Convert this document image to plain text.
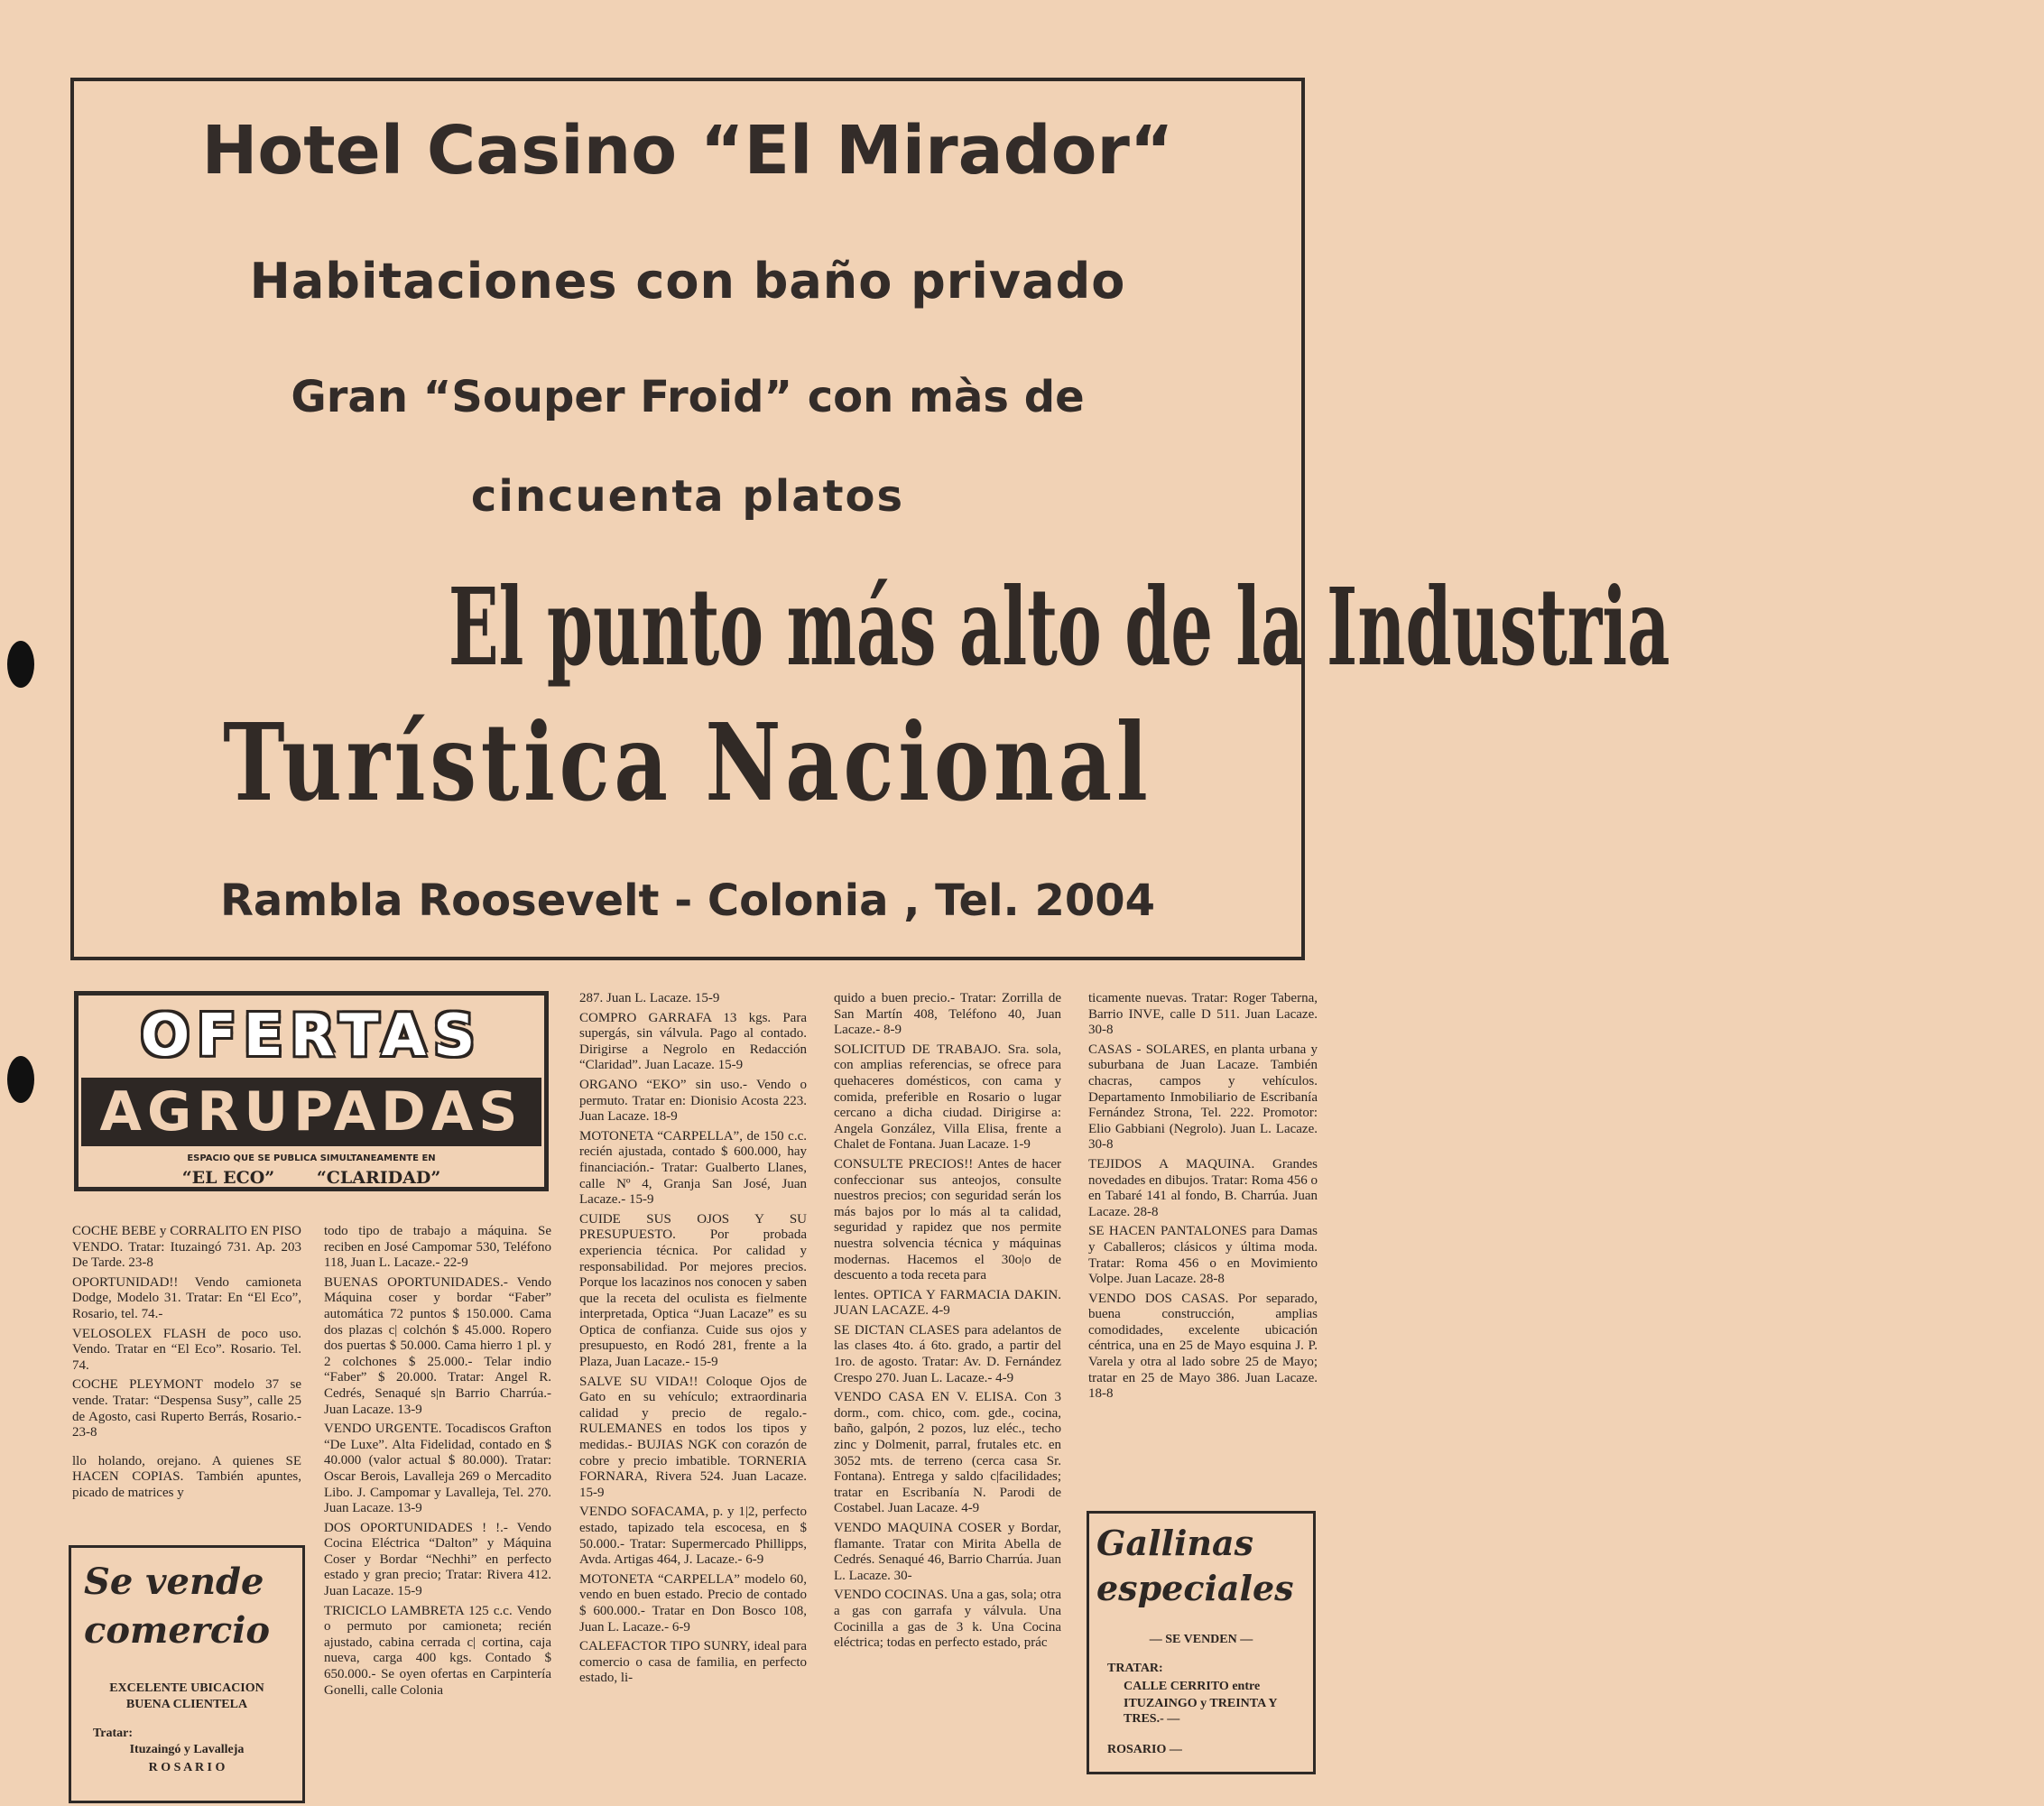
Hotel Casino “El Mirador“
Habitaciones con baño privado
Gran “Souper Froid” con màs de
cincuenta platos
El punto más alto de la Industria
Turística Nacional
Rambla Roosevelt - Colonia , Tel. 2004
OFERTAS
AGRUPADAS
ESPACIO QUE SE PUBLICA SIMULTANEAMENTE EN
“EL ECO” “CLARIDAD”

COCHE BEBE y CORRALITO EN PISO VENDO. Tratar: Ituzaingó 731. Ap. 203 De Tarde. 23-8

OPORTUNIDAD!! Vendo camioneta Dodge, Modelo 31. Tratar: En “El Eco”, Rosario, tel. 74.-

VELOSOLEX FLASH de poco uso. Vendo. Tratar en “El Eco”. Rosario. Tel. 74.

COCHE PLEYMONT modelo 37 se vende. Tratar: “Despensa Susy”, calle 25 de Agosto, casi Ruperto Berrás, Rosario.- 23-8

llo holando, orejano. A quienes SE HACEN COPIAS. También apuntes, picado de matrices y

Se vende
comercio
EXCELENTE UBICACION
BUENA CLIENTELA
Tratar:
Ituzaingó y Lavalleja
R O S A R I O

todo tipo de trabajo a máquina. Se reciben en José Campomar 530, Teléfono 118, Juan L. Lacaze.- 22-9

BUENAS OPORTUNIDADES.- Vendo Máquina coser y bordar “Faber” automática 72 puntos $ 150.000. Cama dos plazas c| colchón $ 45.000. Ropero dos puertas $ 50.000. Cama hierro 1 pl. y 2 colchones $ 25.000.- Telar indio “Faber” $ 20.000. Tratar: Angel R. Cedrés, Senaqué s|n Barrio Charrúa.- Juan Lacaze. 13-9

VENDO URGENTE. Tocadiscos Grafton “De Luxe”. Alta Fidelidad, contado en $ 40.000 (valor actual $ 80.000). Tratar: Oscar Berois, Lavalleja 269 o Mercadito Libo. J. Campomar y Lavalleja, Tel. 270. Juan Lacaze. 13-9

DOS OPORTUNIDADES ! !.- Vendo Cocina Eléctrica “Dalton” y Máquina Coser y Bordar “Nechhi” en perfecto estado y gran precio; Tratar: Rivera 412. Juan Lacaze. 15-9

TRICICLO LAMBRETA 125 c.c. Vendo o permuto por camioneta; recién ajustado, cabina cerrada c| cortina, caja nueva, carga 400 kgs. Contado $ 650.000.- Se oyen ofertas en Carpintería Gonelli, calle Colonia

287. Juan L. Lacaze. 15-9

COMPRO GARRAFA 13 kgs. Para supergás, sin válvula. Pago al contado. Dirigirse a Negrolo en Redacción “Claridad”. Juan Lacaze. 15-9

ORGANO “EKO” sin uso.- Vendo o permuto. Tratar en: Dionisio Acosta 223. Juan Lacaze. 18-9

MOTONETA “CARPELLA”, de 150 c.c. recién ajustada, contado $ 600.000, hay financiación.- Tratar: Gualberto Llanes, calle Nº 4, Granja San José, Juan Lacaze.- 15-9

CUIDE SUS OJOS Y SU PRESUPUESTO. Por probada experiencia técnica. Por calidad y responsabilidad. Por mejores precios. Porque los lacazinos nos conocen y saben que la receta del oculista es fielmente interpretada, Optica “Juan Lacaze” es su Optica de confianza. Cuide sus ojos y presupuesto, en Rodó 281, frente a la Plaza, Juan Lacaze.- 15-9

SALVE SU VIDA!! Coloque Ojos de Gato en su vehículo; extraordinaria calidad y precio de regalo.- RULEMANES en todos los tipos y medidas.- BUJIAS NGK con corazón de cobre y precio imbatible. TORNERIA FORNARA, Rivera 524. Juan Lacaze. 15-9

VENDO SOFACAMA, p. y 1|2, perfecto estado, tapizado tela escocesa, en $ 50.000.- Tratar: Supermercado Phillipps, Avda. Artigas 464, J. Lacaze.- 6-9

MOTONETA “CARPELLA” modelo 60, vendo en buen estado. Precio de contado $ 600.000.- Tratar en Don Bosco 108, Juan L. Lacaze.- 6-9

CALEFACTOR TIPO SUNRY, ideal para comercio o casa de familia, en perfecto estado, li-

quido a buen precio.- Tratar: Zorrilla de San Martín 408, Teléfono 40, Juan Lacaze.- 8-9

SOLICITUD DE TRABAJO. Sra. sola, con amplias referencias, se ofrece para quehaceres domésticos, con cama y comida, preferible en Rosario o lugar cercano a dicha ciudad. Dirigirse a: Angela González, Villa Elisa, frente a Chalet de Fontana. Juan Lacaze. 1-9

CONSULTE PRECIOS!! Antes de hacer confeccionar sus anteojos, consulte nuestros precios; con seguridad serán los más bajos por lo más al ta calidad, seguridad y rapidez que nos permite nuestra solvencia técnica y máquinas modernas. Hacemos el 30o|o de descuento a toda receta para

lentes. OPTICA Y FARMACIA DAKIN. JUAN LACAZE. 4-9

SE DICTAN CLASES para adelantos de las clases 4to. á 6to. grado, a partir del 1ro. de agosto. Tratar: Av. D. Fernández Crespo 270. Juan L. Lacaze.- 4-9

VENDO CASA EN V. ELISA. Con 3 dorm., com. chico, com. gde., cocina, baño, galpón, 2 pozos, luz eléc., techo zinc y Dolmenit, parral, frutales etc. en 3052 mts. de terreno (cerca casa Sr. Fontana). Entrega y saldo c|facilidades; tratar en Escribanía N. Parodi de Costabel. Juan Lacaze. 4-9

VENDO MAQUINA COSER y Bordar, flamante. Tratar con Mirita Abella de Cedrés. Senaqué 46, Barrio Charrúa. Juan L. Lacaze. 30-

VENDO COCINAS. Una a gas, sola; otra a gas con garrafa y válvula. Una Cocinilla a gas de 3 k. Una Cocina eléctrica; todas en perfecto estado, prác

ticamente nuevas. Tratar: Roger Taberna, Barrio INVE, calle D 511. Juan Lacaze. 30-8

CASAS - SOLARES, en planta urbana y suburbana de Juan Lacaze. También chacras, campos y vehículos. Departamento Inmobiliario de Escribanía Fernández Strona, Tel. 222. Promotor: Elio Gabbiani (Negrolo). Juan L. Lacaze. 30-8

TEJIDOS A MAQUINA. Grandes novedades en dibujos. Tratar: Roma 456 o en Tabaré 141 al fondo, B. Charrúa. Juan Lacaze. 28-8

SE HACEN PANTALONES para Damas y Caballeros; clásicos y última moda. Tratar: Roma 456 o en Movimiento Volpe. Juan Lacaze. 28-8

VENDO DOS CASAS. Por separado, buena construcción, amplias comodidades, excelente ubicación céntrica, una en 25 de Mayo esquina J. P. Varela y otra al lado sobre 25 de Mayo; tratar en 25 de Mayo 386. Juan Lacaze. 18-8

Gallinas
especiales
— SE VENDEN —
TRATAR:
CALLE CERRITO entre
ITUZAINGO y TREINTA Y TRES.- —
ROSARIO —
